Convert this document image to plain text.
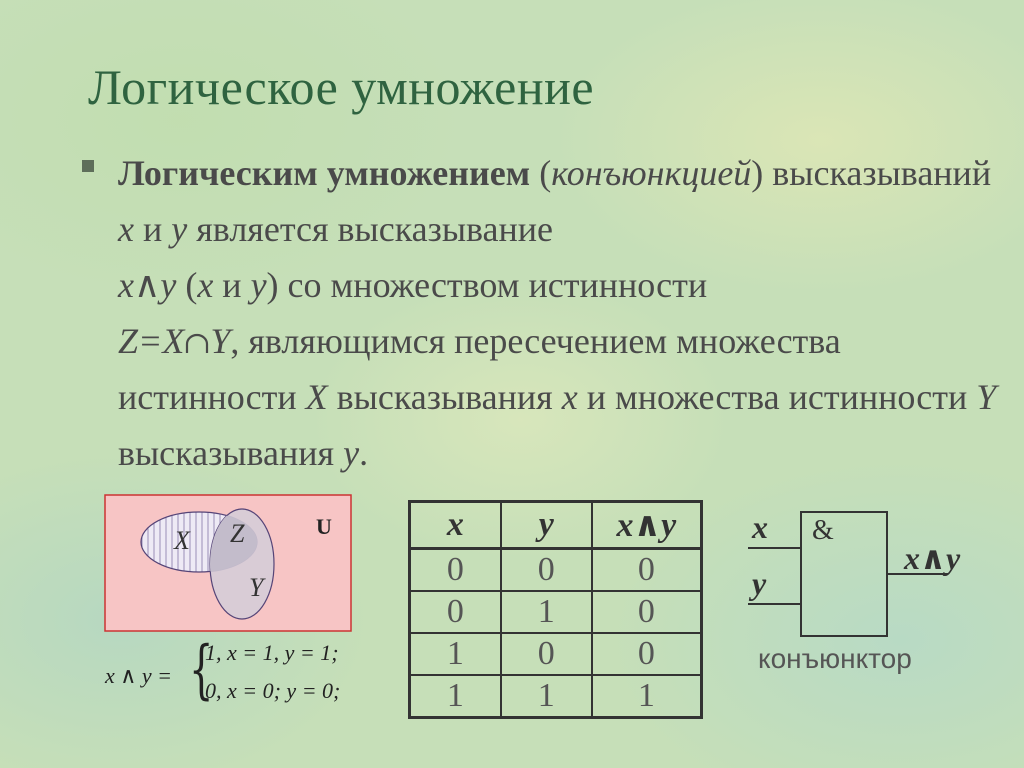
Логическое умножение

Логическим умножением (конъюнкцией) высказываний x и y является высказывание
x∧y (x и y) со множеством истинности
Z=X Y, являющимся пересечением множества истинности X высказывания x и множества истинности Y высказывания y.

X Z
Y
U
x ∧ y = {
1, x = 1, y = 1;
0, x = 0; y = 0;
x	y	x∧y
0	0	0
0	1	0
1	0	0
1	1	1
x
y
&
x∧y
конъюнктор
